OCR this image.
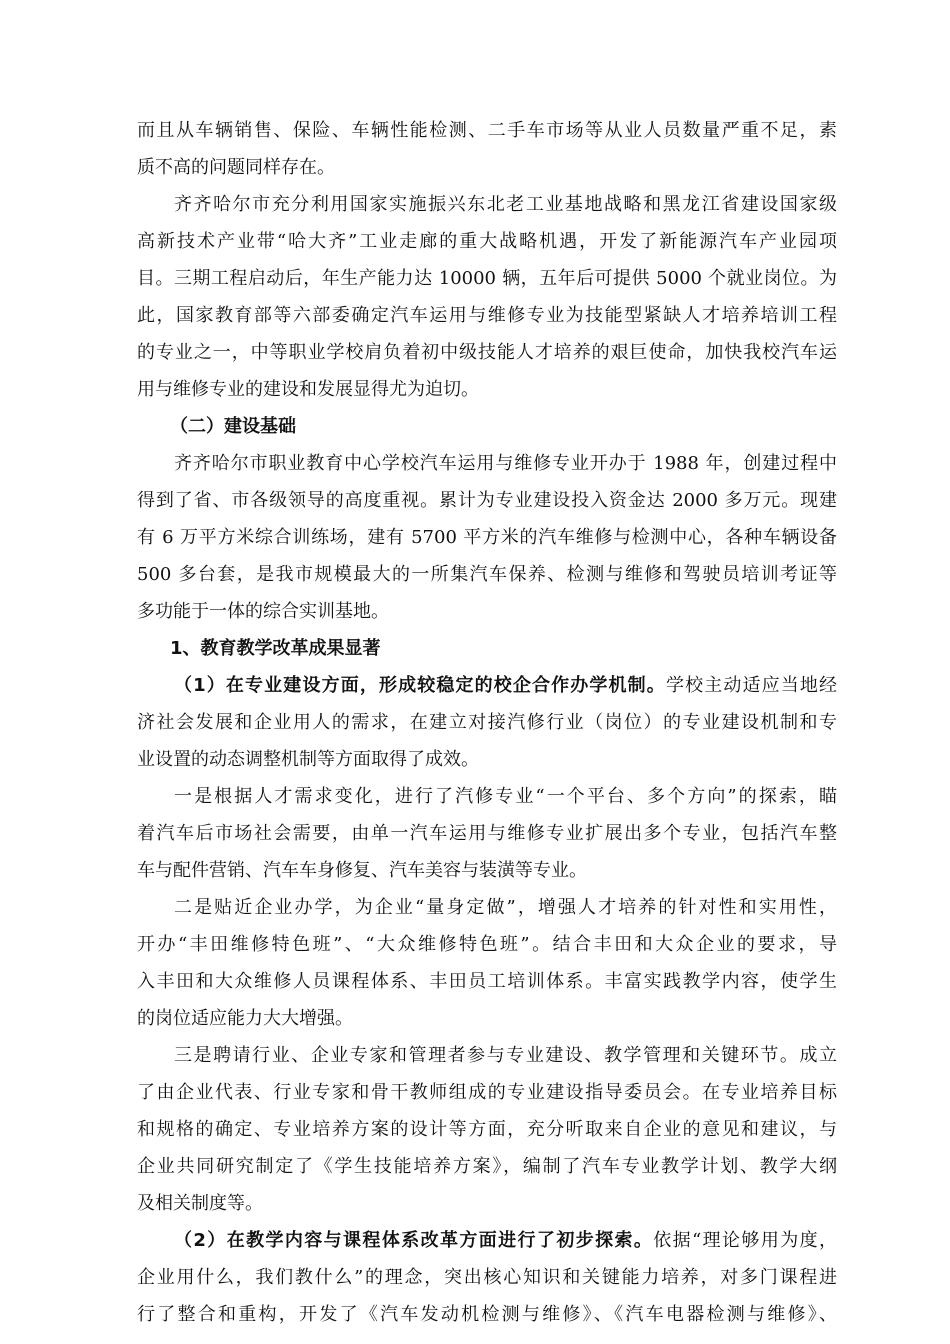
而且从车辆销售、保险、车辆性能检测、二手车市场等从业人员数量严重不足，素
质不高的问题同样存在。
齐齐哈尔市充分利用国家实施振兴东北老工业基地战略和黑龙江省建设国家级
高新技术产业带“哈大齐”工业走廊的重大战略机遇，开发了新能源汽车产业园项
目。三期工程启动后，年生产能力达 10000 辆，五年后可提供 5000 个就业岗位。为
此，国家教育部等六部委确定汽车运用与维修专业为技能型紧缺人才培养培训工程
的专业之一，中等职业学校肩负着初中级技能人才培养的艰巨使命，加快我校汽车运
用与维修专业的建设和发展显得尤为迫切。
（二）建设基础
齐齐哈尔市职业教育中心学校汽车运用与维修专业开办于 1988 年，创建过程中
得到了省、市各级领导的高度重视。累计为专业建设投入资金达 2000 多万元。现建
有 6 万平方米综合训练场，建有 5700 平方米的汽车维修与检测中心，各种车辆设备
500 多台套，是我市规模最大的一所集汽车保养、检测与维修和驾驶员培训考证等
多功能于一体的综合实训基地。
1、教育教学改革成果显著
（1）在专业建设方面，形成较稳定的校企合作办学机制。学校主动适应当地经
济社会发展和企业用人的需求，在建立对接汽修行业（岗位）的专业建设机制和专
业设置的动态调整机制等方面取得了成效。
一是根据人才需求变化，进行了汽修专业“一个平台、多个方向”的探索，瞄
着汽车后市场社会需要，由单一汽车运用与维修专业扩展出多个专业，包括汽车整
车与配件营销、汽车车身修复、汽车美容与装潢等专业。
二是贴近企业办学，为企业“量身定做”，增强人才培养的针对性和实用性，
开办“丰田维修特色班”、“大众维修特色班”。结合丰田和大众企业的要求，导
入丰田和大众维修人员课程体系、丰田员工培训体系。丰富实践教学内容，使学生
的岗位适应能力大大增强。
三是聘请行业、企业专家和管理者参与专业建设、教学管理和关键环节。成立
了由企业代表、行业专家和骨干教师组成的专业建设指导委员会。在专业培养目标
和规格的确定、专业培养方案的设计等方面，充分听取来自企业的意见和建议，与
企业共同研究制定了《学生技能培养方案》，编制了汽车专业教学计划、教学大纲
及相关制度等。
（2）在教学内容与课程体系改革方面进行了初步探索。依据“理论够用为度，
企业用什么，我们教什么”的理念，突出核心知识和关键能力培养，对多门课程进
行了整合和重构，开发了《汽车发动机检测与维修》、《汽车电器检测与维修》、
